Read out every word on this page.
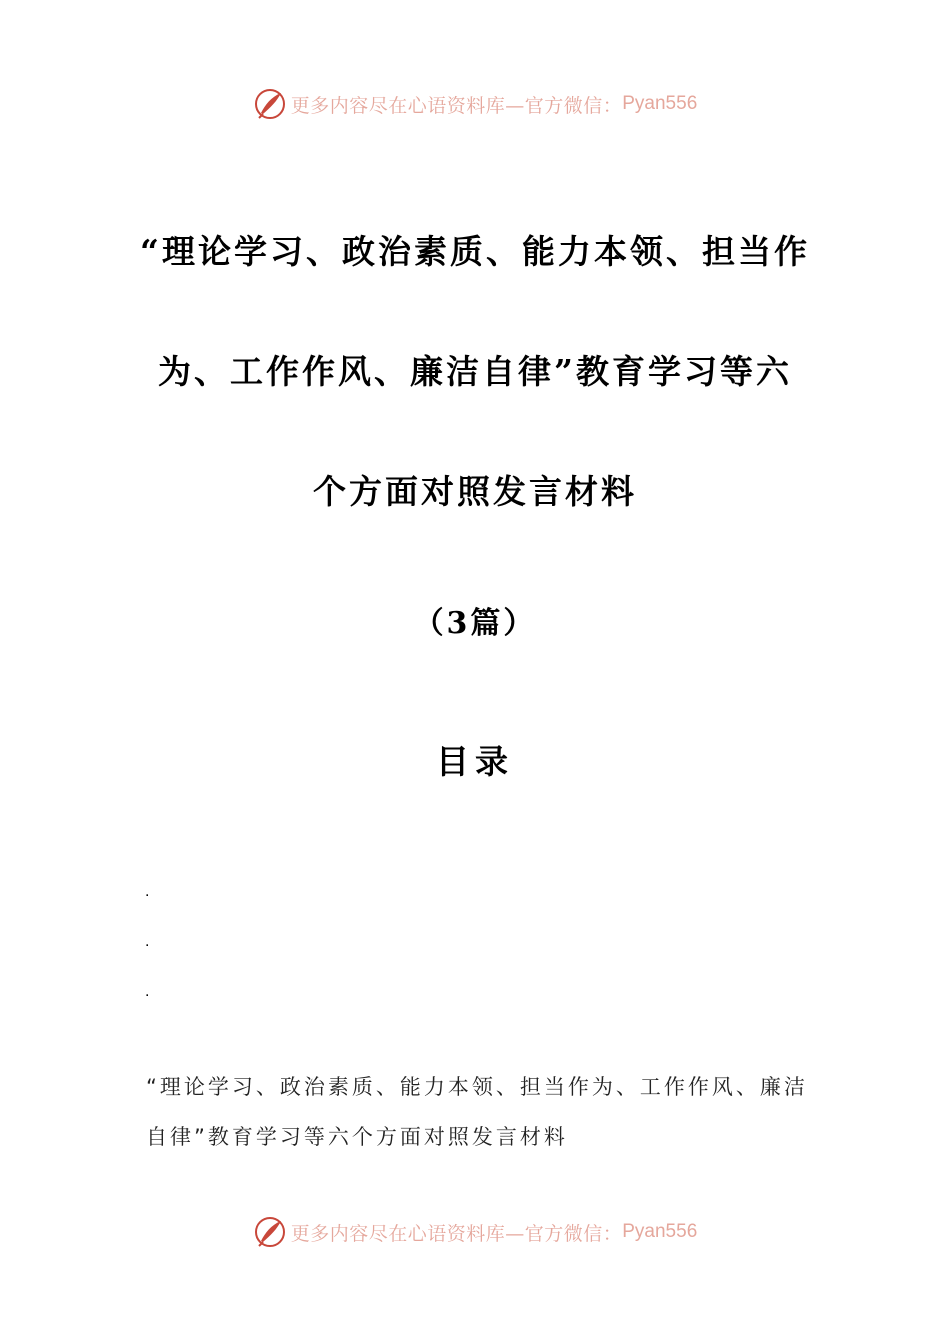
更多内容尽在心语资料库—官方微信： Pyan556
“理论学习、政治素质、能力本领、担当作
为、工作作风、廉洁自律”教育学习等六
个方面对照发言材料
（3篇）
目录
.
.
.
“理论学习、政治素质、能力本领、担当作为、工作作风、廉洁自律”教育学习等六个方面对照发言材料
更多内容尽在心语资料库—官方微信： Pyan556
